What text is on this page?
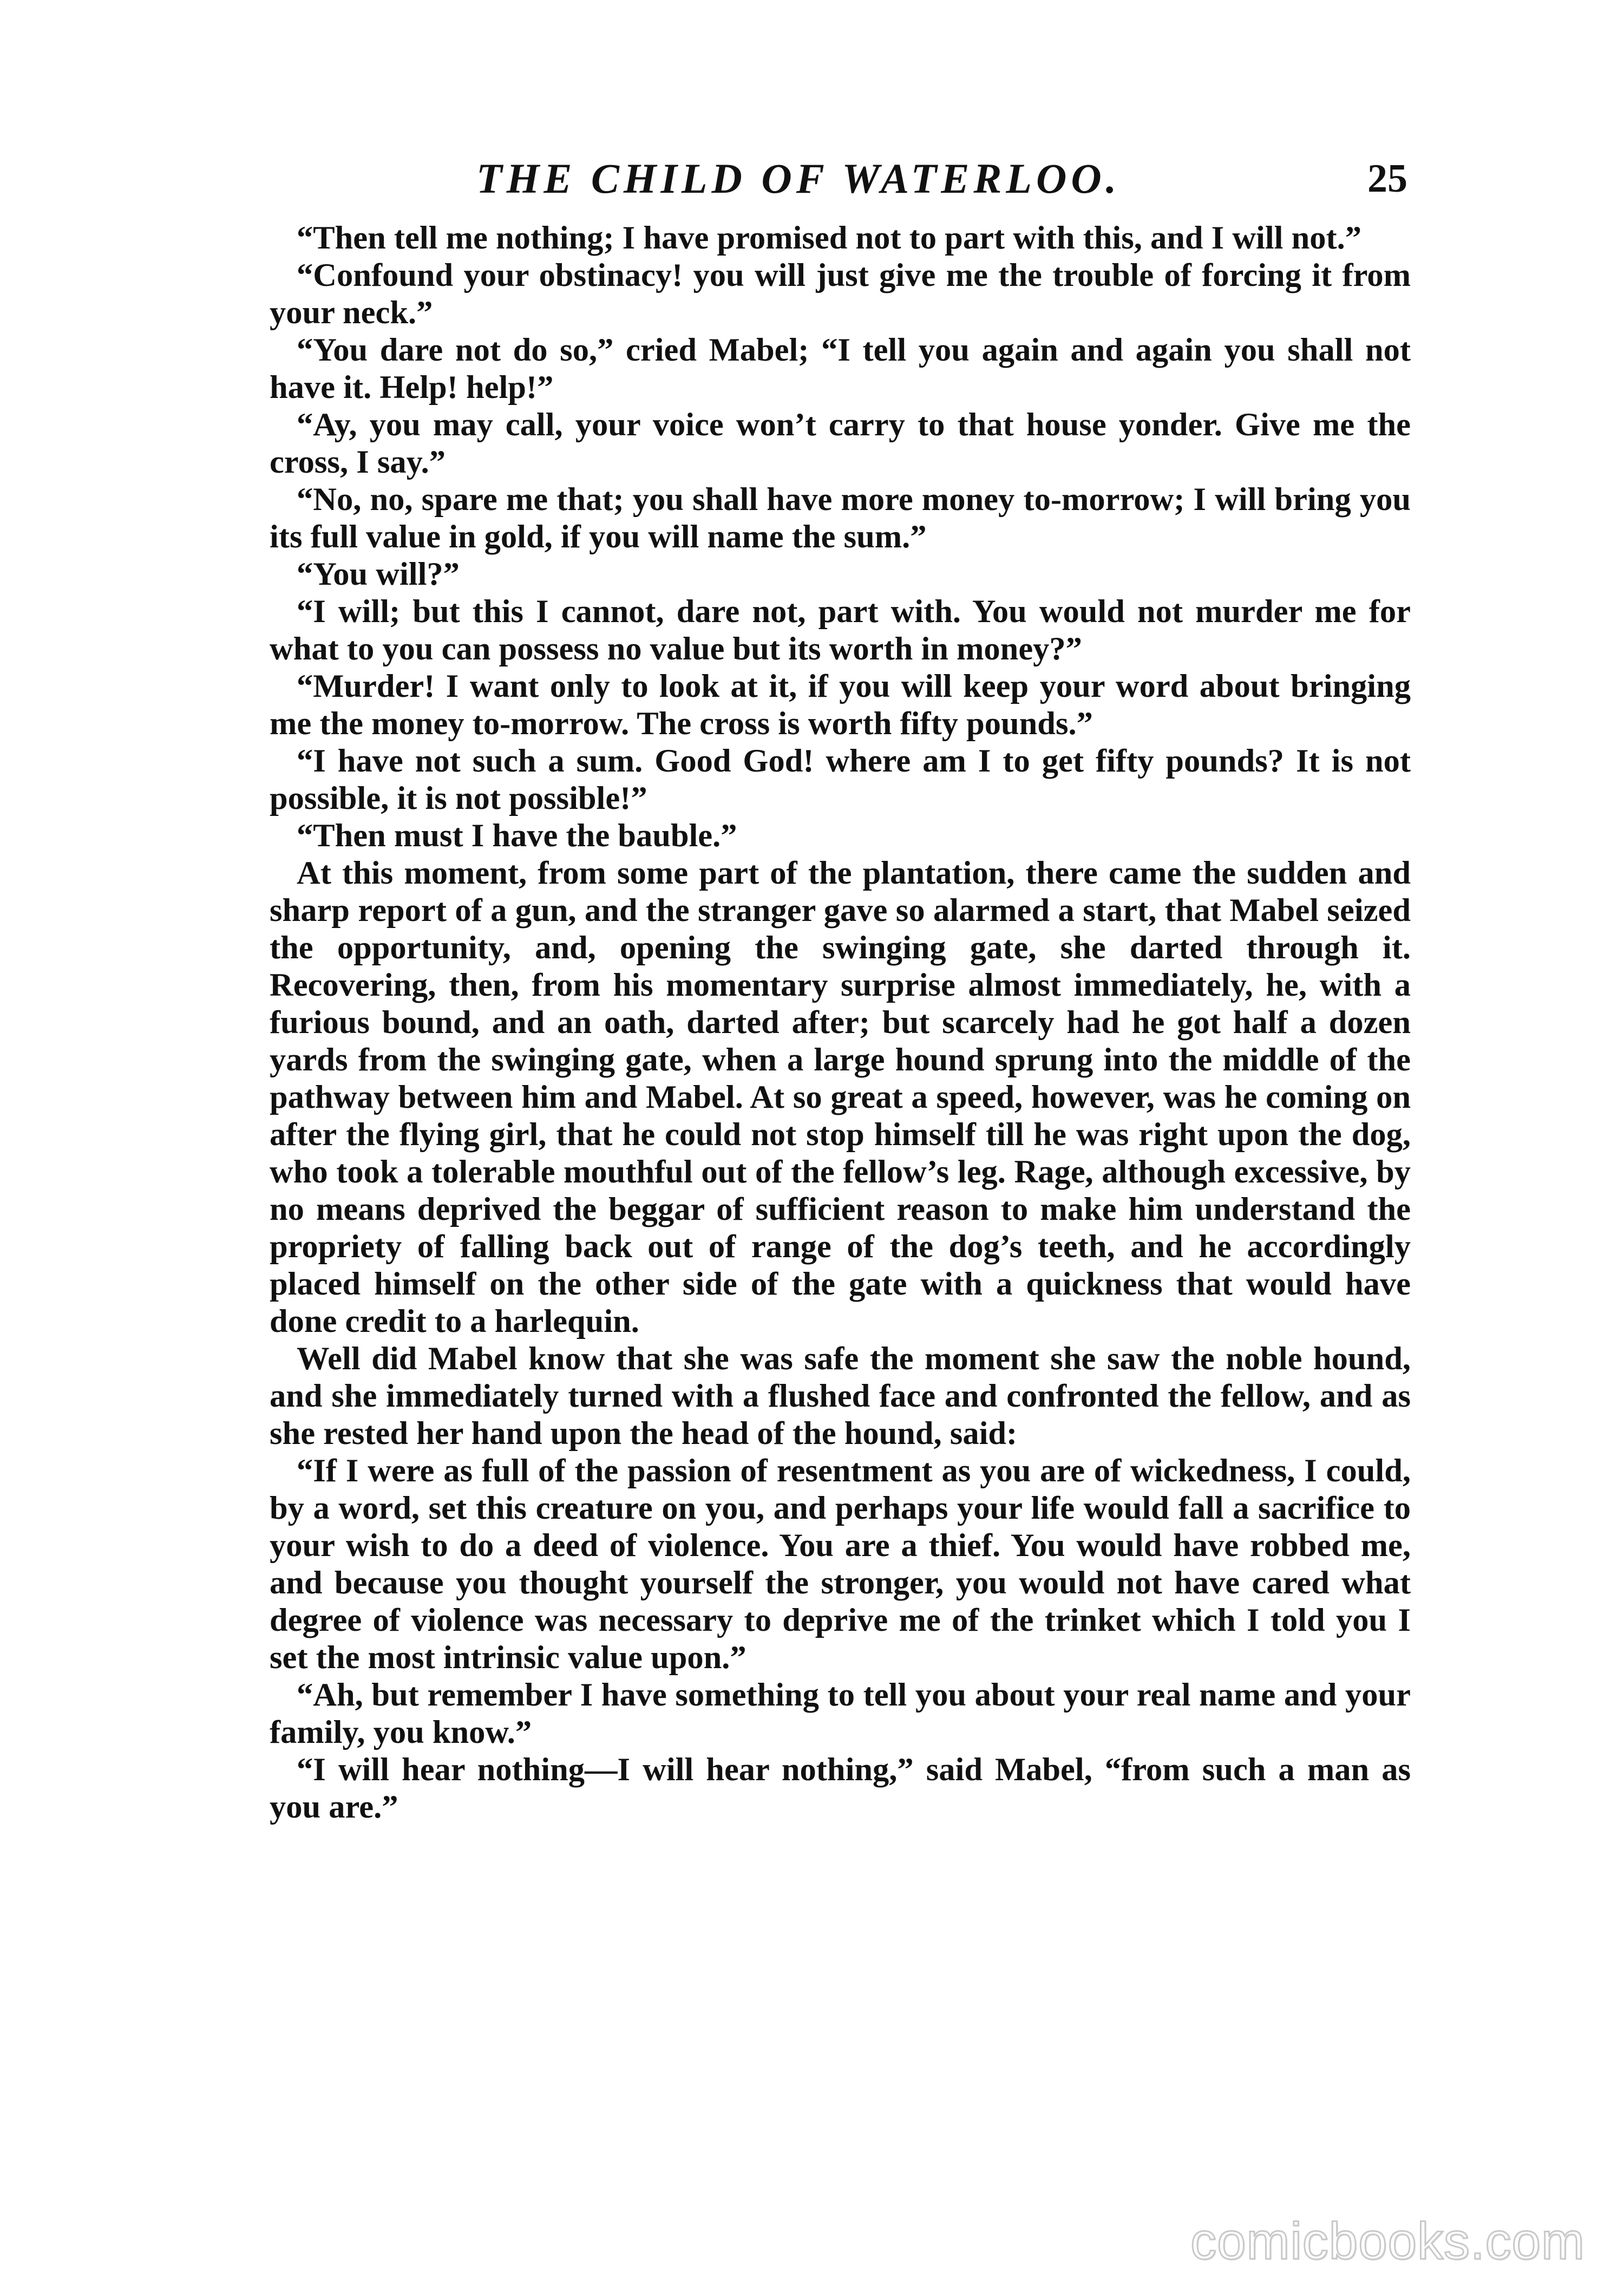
THE CHILD OF WATERLOO.	25

“Then tell me nothing; I have promised not to part with this, and I will not.”

“Confound your obstinacy! you will just give me the trouble of forcing it from your neck.”

“You dare not do so,” cried Mabel; “I tell you again and again you shall not have it. Help! help!”

“Ay, you may call, your voice won’t carry to that house yonder. Give me the cross, I say.”

“No, no, spare me that; you shall have more money to-morrow; I will bring you its full value in gold, if you will name the sum.”

“You will?”

“I will; but this I cannot, dare not, part with. You would not murder me for what to you can possess no value but its worth in money?”

“Murder! I want only to look at it, if you will keep your word about bringing me the money to-morrow. The cross is worth fifty pounds.”

“I have not such a sum. Good God! where am I to get fifty pounds? It is not possible, it is not possible!”

“Then must I have the bauble.”

At this moment, from some part of the plantation, there came the sudden and sharp report of a gun, and the stranger gave so alarmed a start, that Mabel seized the opportunity, and, opening the swinging gate, she darted through it. Recovering, then, from his momentary surprise almost immediately, he, with a furious bound, and an oath, darted after; but scarcely had he got half a dozen yards from the swinging gate, when a large hound sprung into the middle of the pathway between him and Mabel. At so great a speed, however, was he coming on after the flying girl, that he could not stop himself till he was right upon the dog, who took a tolerable mouthful out of the fellow’s leg. Rage, although excessive, by no means deprived the beggar of sufficient reason to make him understand the propriety of falling back out of range of the dog’s teeth, and he accordingly placed himself on the other side of the gate with a quickness that would have done credit to a harlequin.

Well did Mabel know that she was safe the moment she saw the noble hound, and she immediately turned with a flushed face and confronted the fellow, and as she rested her hand upon the head of the hound, said:

“If I were as full of the passion of resentment as you are of wickedness, I could, by a word, set this creature on you, and perhaps your life would fall a sacrifice to your wish to do a deed of violence. You are a thief. You would have robbed me, and because you thought yourself the stronger, you would not have cared what degree of violence was necessary to deprive me of the trinket which I told you I set the most intrinsic value upon.”

“Ah, but remember I have something to tell you about your real name and your family, you know.”

“I will hear nothing—I will hear nothing,” said Mabel, “from such a man as you are.”

comicbooks.com
